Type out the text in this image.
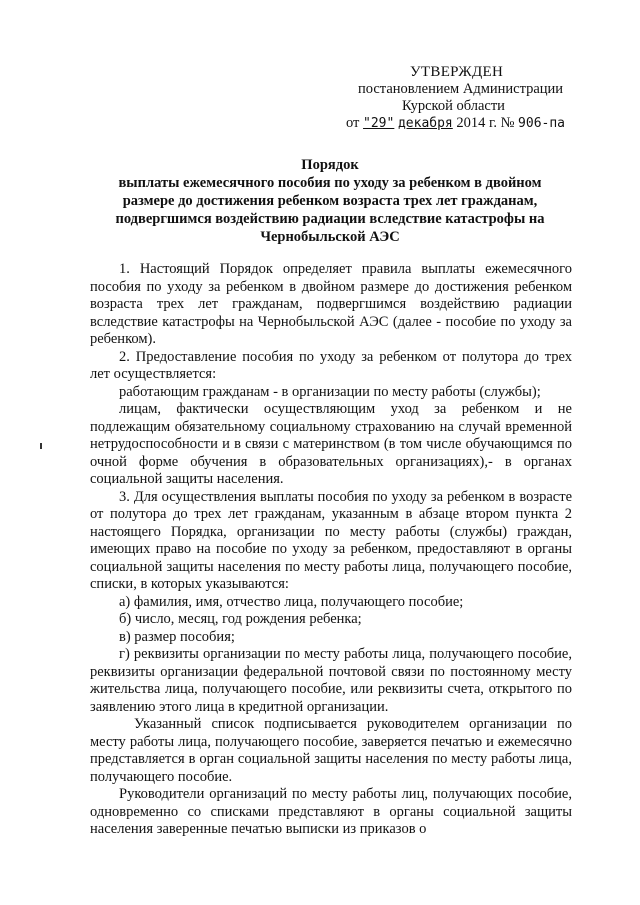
УТВЕРЖДЕН
постановлением Администрации
Курской области
от "29" декабря 2014 г. № 906-па
Порядок
выплаты ежемесячного пособия по уходу за ребенком в двойном
размере до достижения ребенком возраста трех лет гражданам,
подвергшимся воздействию радиации вследствие катастрофы на
Чернобыльской АЭС

1. Настоящий Порядок определяет правила выплаты ежемесячного пособия по уходу за ребенком в двойном размере до достижения ребенком возраста трех лет гражданам, подвергшимся воздействию радиации вследствие катастрофы на Чернобыльской АЭС (далее - пособие по уходу за ребенком).

2. Предоставление пособия по уходу за ребенком от полутора до трех лет осуществляется:

работающим гражданам - в организации по месту работы (службы);

лицам, фактически осуществляющим уход за ребенком и не подлежащим обязательному социальному страхованию на случай временной нетрудоспособности и в связи с материнством (в том числе обучающимся по очной форме обучения в образовательных организациях),- в органах социальной защиты населения.

3. Для осуществления выплаты пособия по уходу за ребенком в возрасте от полутора до трех лет гражданам, указанным в абзаце втором пункта 2 настоящего Порядка, организации по месту работы (службы) граждан, имеющих право на пособие по уходу за ребенком, предоставляют в органы социальной защиты населения по месту работы лица, получающего пособие, списки, в которых указываются:

а) фамилия, имя, отчество лица, получающего пособие;

б) число, месяц, год рождения ребенка;

в) размер пособия;

г) реквизиты организации по месту работы лица, получающего пособие, реквизиты организации федеральной почтовой связи по постоянному месту жительства лица, получающего пособие, или реквизиты счета, открытого по заявлению этого лица в кредитной организации.

Указанный список подписывается руководителем организации по месту работы лица, получающего пособие, заверяется печатью и ежемесячно представляется в орган социальной защиты населения по месту работы лица, получающего пособие.

Руководители организаций по месту работы лиц, получающих пособие, одновременно со списками представляют в органы социальной защиты населения заверенные печатью выписки из приказов о
